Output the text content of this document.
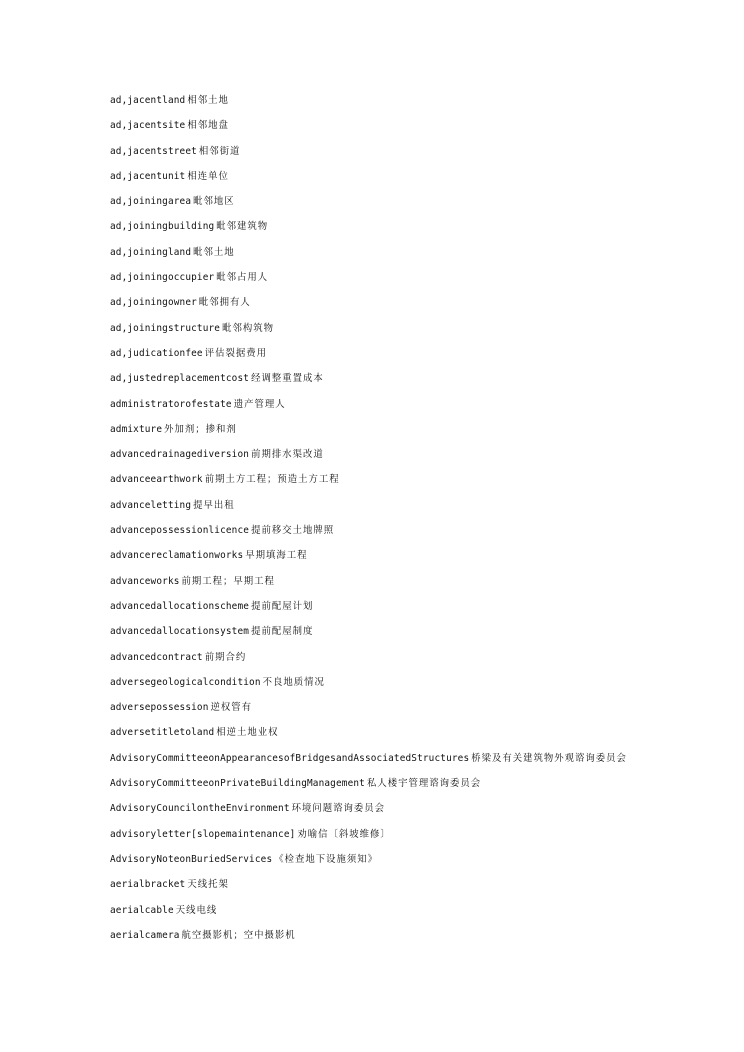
ad,jacentland 相邻土地
ad,jacentsite 相邻地盘
ad,jacentstreet 相邻街道
ad,jacentunit 相连单位
ad,joiningarea 毗邻地区
ad,joiningbuilding 毗邻建筑物
ad,joiningland 毗邻土地
ad,joiningoccupier 毗邻占用人
ad,joiningowner 毗邻拥有人
ad,joiningstructure 毗邻构筑物
ad,judicationfee 评估裂据费用
ad,justedreplacementcost 经调整重置成本
administratorofestate 遗产管理人
admixture 外加剂；掺和剂
advancedrainagediversion 前期排水渠改道
advanceearthwork 前期土方工程；预造土方工程
advanceletting 提早出租
advancepossessionlicence 提前移交土地牌照
advancereclamationworks 早期填海工程
advanceworks 前期工程；早期工程
advancedallocationscheme 提前配屋计划
advancedallocationsystem 提前配屋制度
advancedcontract 前期合约
adversegeologicalcondition 不良地质情况
adversepossession 逆权管有
adversetitletoland 相逆土地业权
AdvisoryCommitteeonAppearancesofBridgesandAssociatedStructures 桥梁及有关建筑物外观谘询委员会
AdvisoryCommitteeonPrivateBuildingManagement 私人楼宇管理谘询委员会
AdvisoryCouncilontheEnvironment 环境问题谘询委员会
advisoryletter[slopemaintenance] 劝喻信〔斜坡维修〕
AdvisoryNoteonBuriedServices 《检查地下设施须知》
aerialbracket 天线托架
aerialcable 天线电线
aerialcamera 航空摄影机；空中摄影机
